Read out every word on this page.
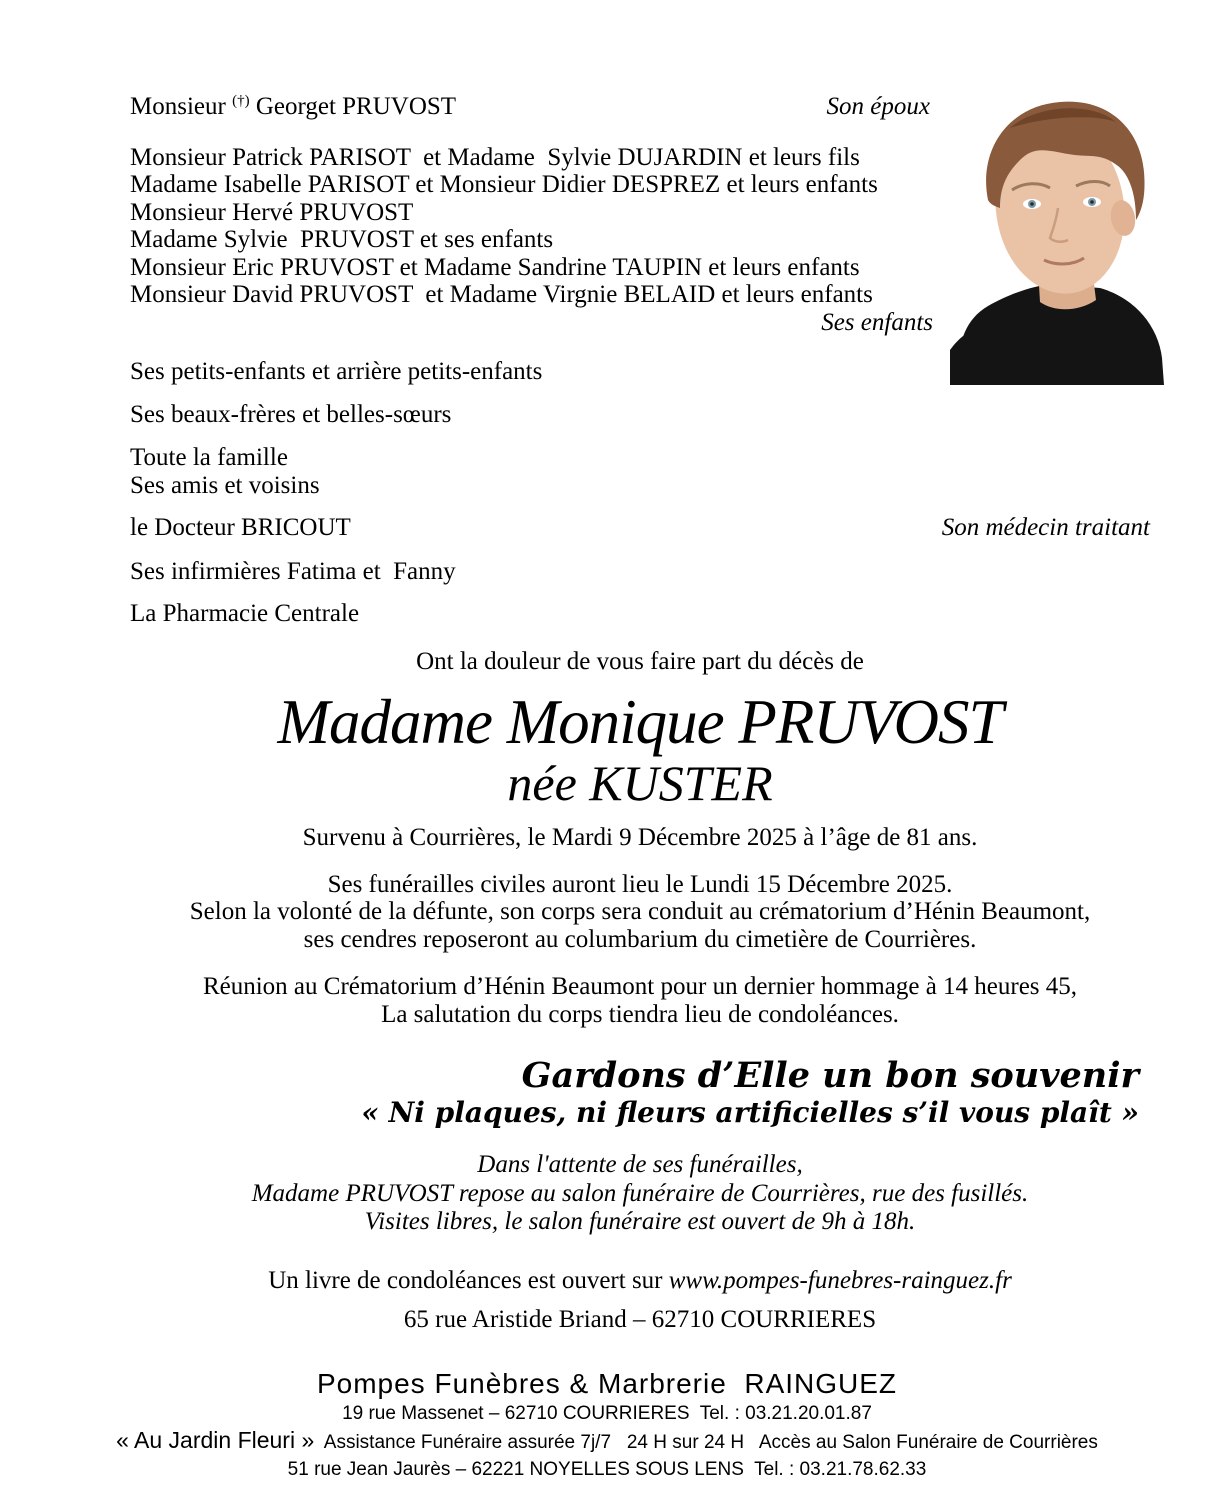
Monsieur (†) Georget PRUVOST	Son époux
Monsieur Patrick PARISOT  et Madame  Sylvie DUJARDIN et leurs fils
Madame Isabelle PARISOT et Monsieur Didier DESPREZ et leurs enfants
Monsieur Hervé PRUVOST
Madame Sylvie  PRUVOST et ses enfants
Monsieur Eric PRUVOST et Madame Sandrine TAUPIN et leurs enfants
Monsieur David PRUVOST  et Madame Virgnie BELAID et leurs enfants
Ses enfants
Ses petits-enfants et arrière petits-enfants
Ses beaux-frères et belles-sœurs
Toute la famille
Ses amis et voisins
le Docteur BRICOUT	Son médecin traitant
Ses infirmières Fatima et  Fanny
La Pharmacie Centrale
Ont la douleur de vous faire part du décès de
Madame Monique PRUVOST
née KUSTER
Survenu à Courrières, le Mardi 9 Décembre 2025 à l’âge de 81 ans.
Ses funérailles civiles auront lieu le Lundi 15 Décembre 2025.
Selon la volonté de la défunte, son corps sera conduit au crématorium d’Hénin Beaumont,
ses cendres reposeront au columbarium du cimetière de Courrières.
Réunion au Crématorium d’Hénin Beaumont pour un dernier hommage à 14 heures 45,
La salutation du corps tiendra lieu de condoléances.
Gardons d’Elle un bon souvenir
« Ni plaques, ni fleurs artificielles s’il vous plaît »
Dans l'attente de ses funérailles,
Madame PRUVOST repose au salon funéraire de Courrières, rue des fusillés.
Visites libres, le salon funéraire est ouvert de 9h à 18h.
Un livre de condoléances est ouvert sur www.pompes-funebres-rainguez.fr
65 rue Aristide Briand – 62710 COURRIERES
Pompes Funèbres & Marbrerie  RAINGUEZ
19 rue Massenet – 62710 COURRIERES  Tel. : 03.21.20.01.87
« Au Jardin Fleuri »  Assistance Funéraire assurée 7j/7   24 H sur 24 H   Accès au Salon Funéraire de Courrières
51 rue Jean Jaurès – 62221 NOYELLES SOUS LENS  Tel. : 03.21.78.62.33
